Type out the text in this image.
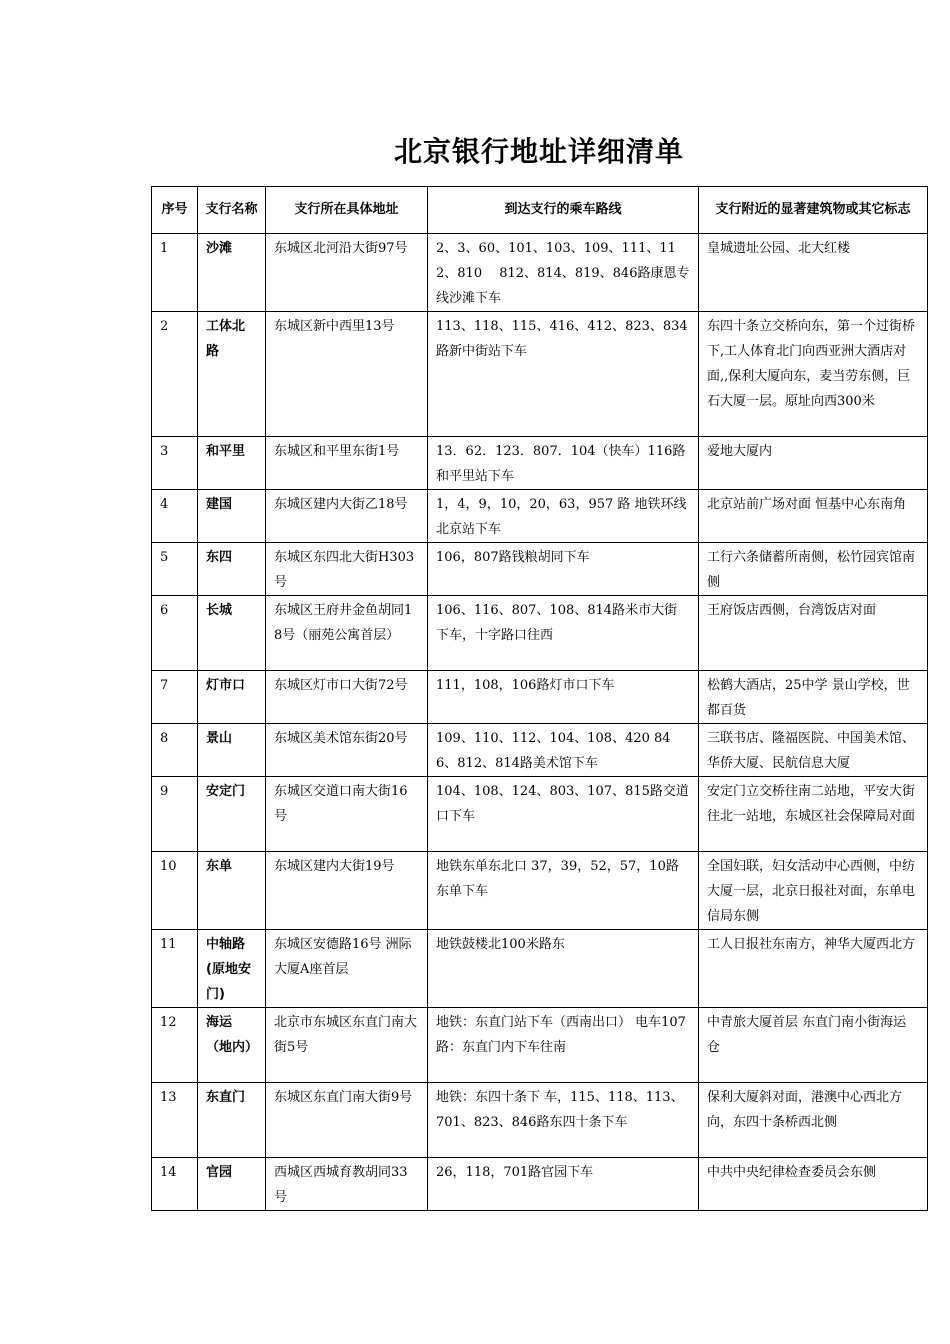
北京银行地址详细清单
序号	支行名称	支行所在具体地址	到达支行的乘车路线	支行附近的显著建筑物或其它标志
1	沙滩	东城区北河沿大街97号	2、3、60、101、103、109、111、112、810　 812、814、819、846路康恩专线沙滩下车	皇城遗址公园、北大红楼
2	工体北路	东城区新中西里13号	113、118、115、416、412、823、834路新中街站下车	东四十条立交桥向东，第一个过街桥下,工人体育北门向西亚洲大酒店对面,,保利大厦向东，麦当劳东侧，巨石大厦一层。原址向西300米
3	和平里	东城区和平里东街1号	13．62．123．807．104（快车）116路和平里站下车	爱地大厦内
4	建国	东城区建内大街乙18号	1，4，9，10，20，63，957 路 地铁环线北京站下车	北京站前广场对面 恒基中心东南角
5	东四	东城区东四北大街H303号	106，807路钱粮胡同下车	工行六条储蓄所南侧，松竹园宾馆南侧
6	长城	东城区王府井金鱼胡同18号（丽苑公寓首层）	106、116、807、108、814路米市大街下车，十字路口往西	王府饭店西侧，台湾饭店对面
7	灯市口	东城区灯市口大街72号	111，108，106路灯市口下车	松鹤大酒店，25中学 景山学校，世都百货
8	景山	东城区美术馆东街20号	109、110、112、104、108、420 846、812、814路美术馆下车	三联书店、隆福医院、中国美术馆、华侨大厦、民航信息大厦
9	安定门	东城区交道口南大街16号	104、108、124、803、107、815路交道口下车	安定门立交桥往南二站地，平安大街往北一站地，东城区社会保障局对面
10	东单	东城区建内大街19号	地铁东单东北口 37，39，52，57，10路东单下车	全国妇联，妇女活动中心西侧，中纺大厦一层，北京日报社对面，东单电信局东侧
11	中轴路(原地安门)	东城区安德路16号 洲际大厦A座首层	地铁鼓楼北100米路东	工人日报社东南方，神华大厦西北方
12	海运（地内）	北京市东城区东直门南大街5号	地铁：东直门站下车（西南出口） 电车107路：东直门内下车往南	中青旅大厦首层 东直门南小街海运仓
13	东直门	东城区东直门南大街9号	地铁：东四十条下 车，115、118、113、701、823、846路东四十条下车	保利大厦斜对面，港澳中心西北方向，东四十条桥西北侧
14	官园	西城区西城育教胡同33号	26，118，701路官园下车	中共中央纪律检查委员会东侧
